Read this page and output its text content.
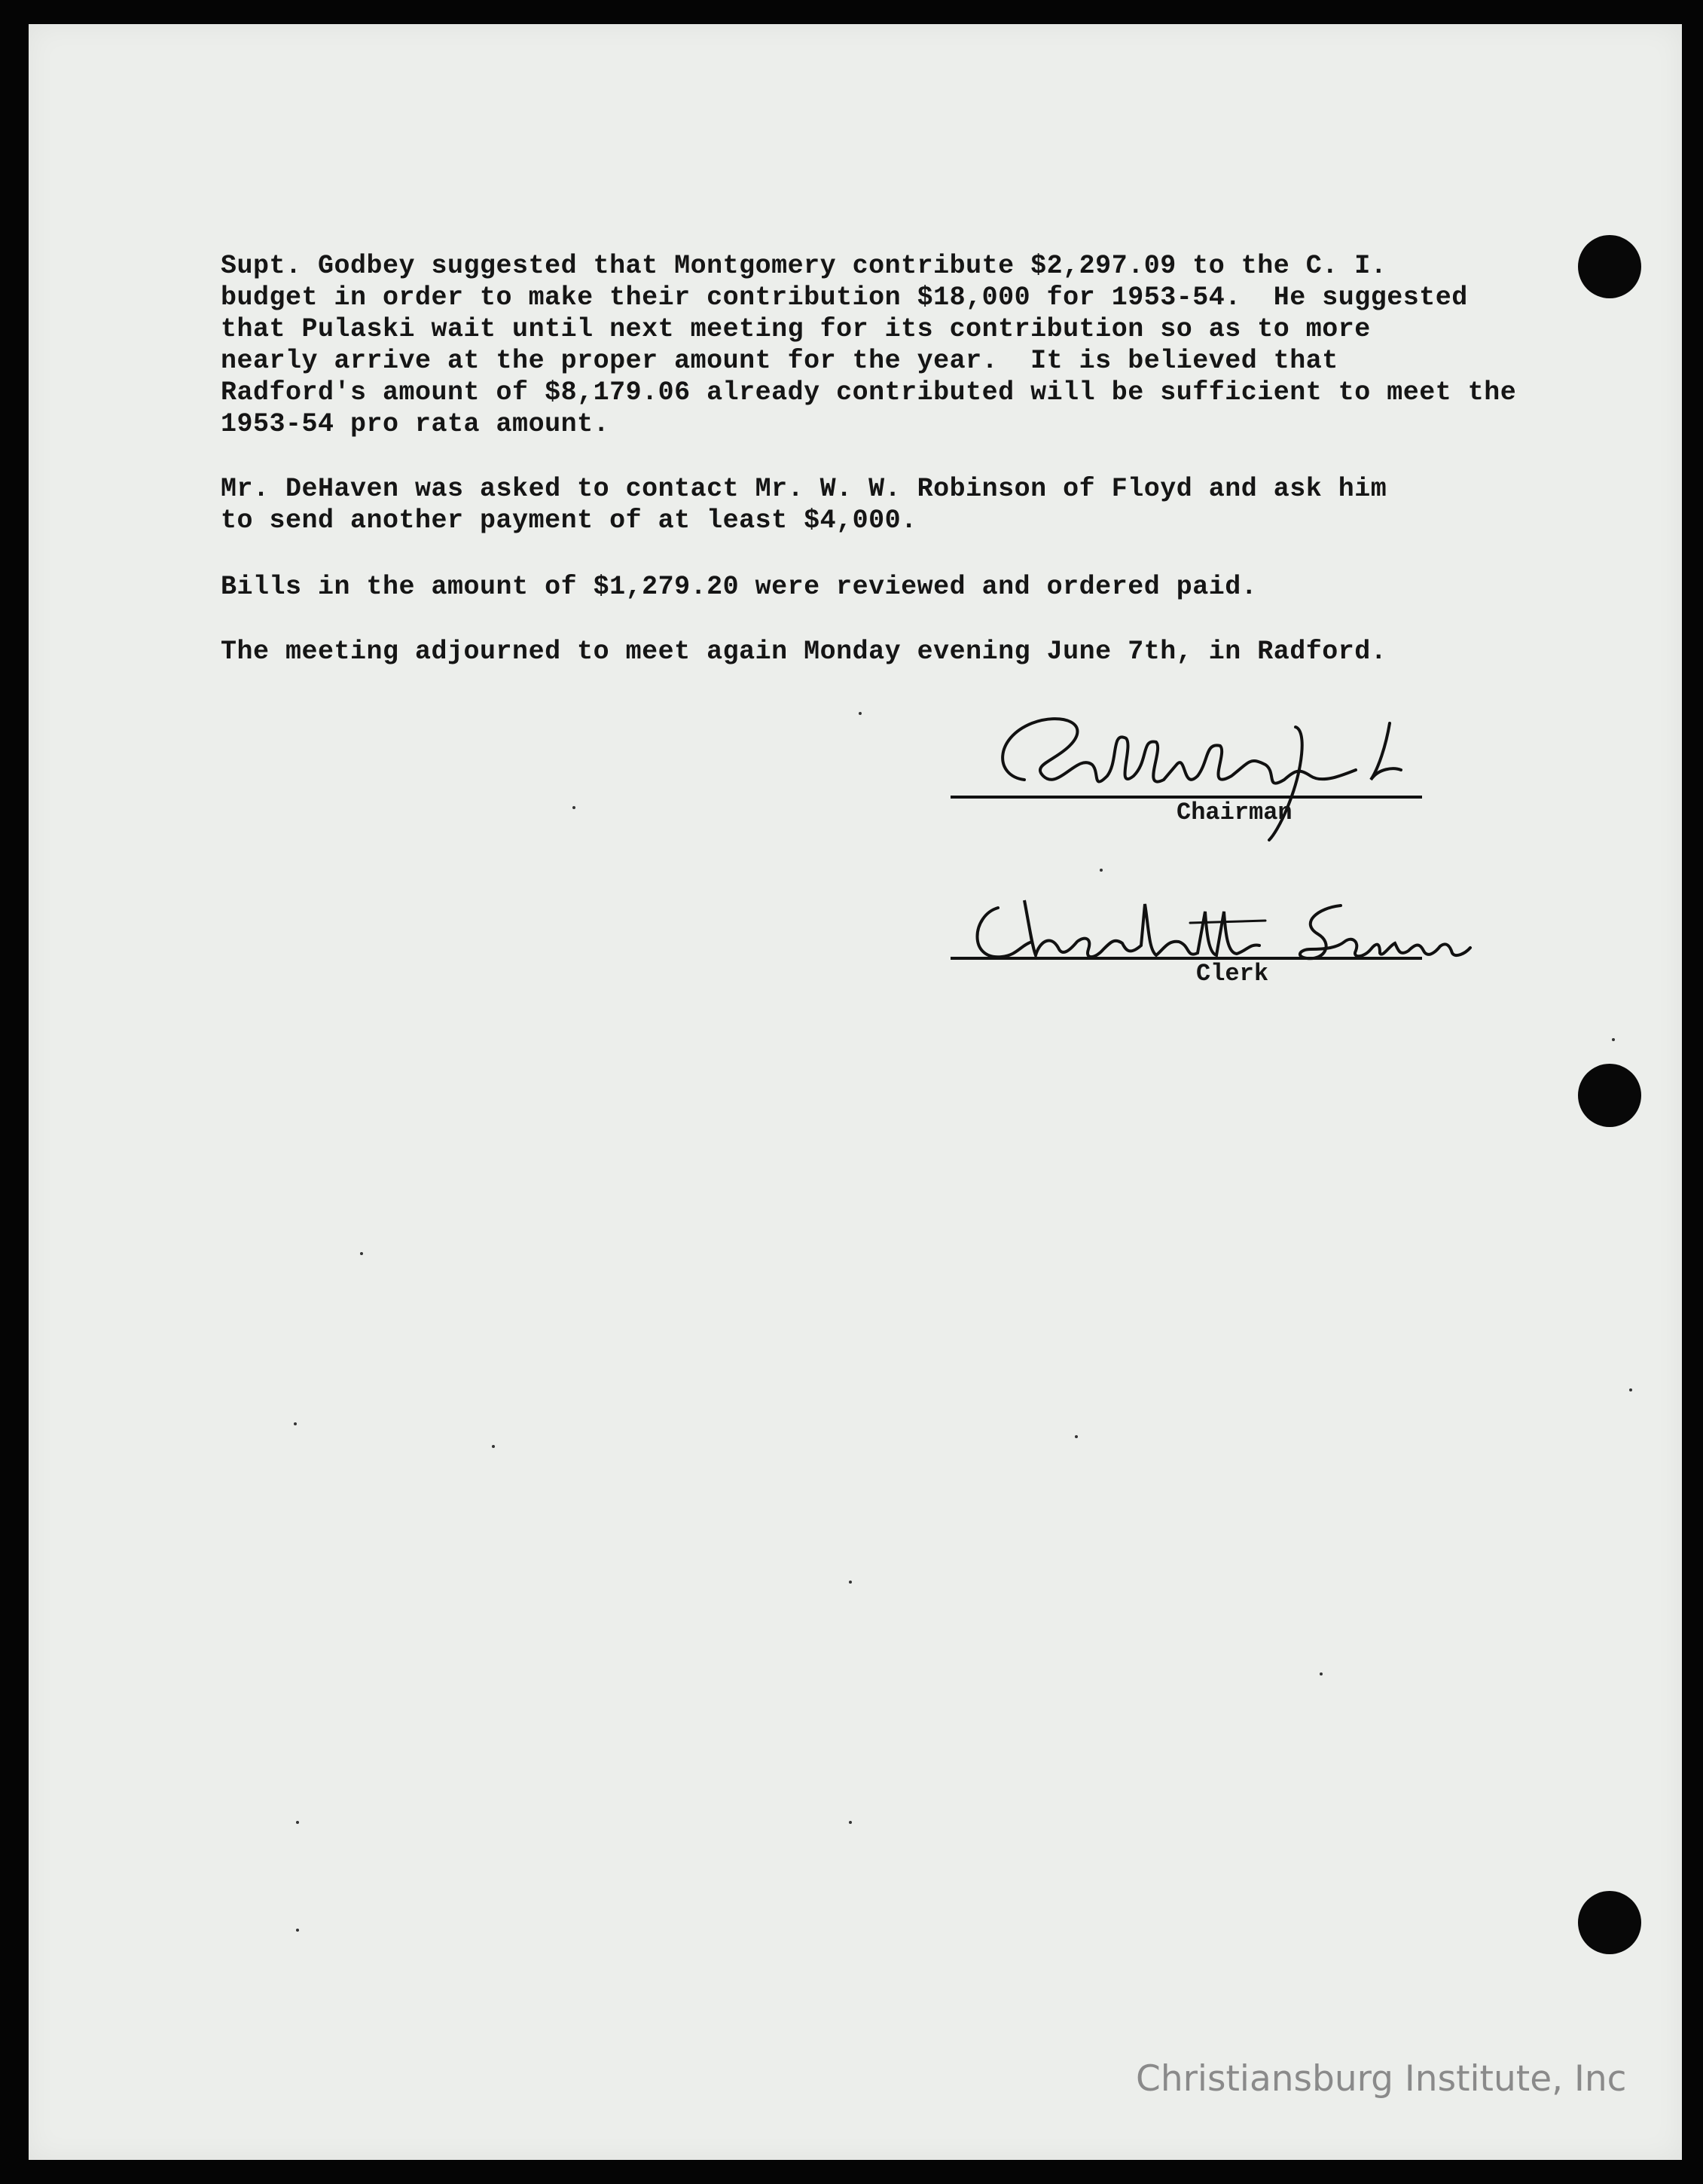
Supt. Godbey suggested that Montgomery contribute $2,297.09 to the C. I.
budget in order to make their contribution $18,000 for 1953-54.  He suggested
that Pulaski wait until next meeting for its contribution so as to more
nearly arrive at the proper amount for the year.  It is believed that
Radford's amount of $8,179.06 already contributed will be sufficient to meet the
1953-54 pro rata amount.

Mr. DeHaven was asked to contact Mr. W. W. Robinson of Floyd and ask him
to send another payment of at least $4,000.

Bills in the amount of $1,279.20 were reviewed and ordered paid.

The meeting adjourned to meet again Monday evening June 7th, in Radford.

Chairman
Clerk
Christiansburg Institute, Inc
